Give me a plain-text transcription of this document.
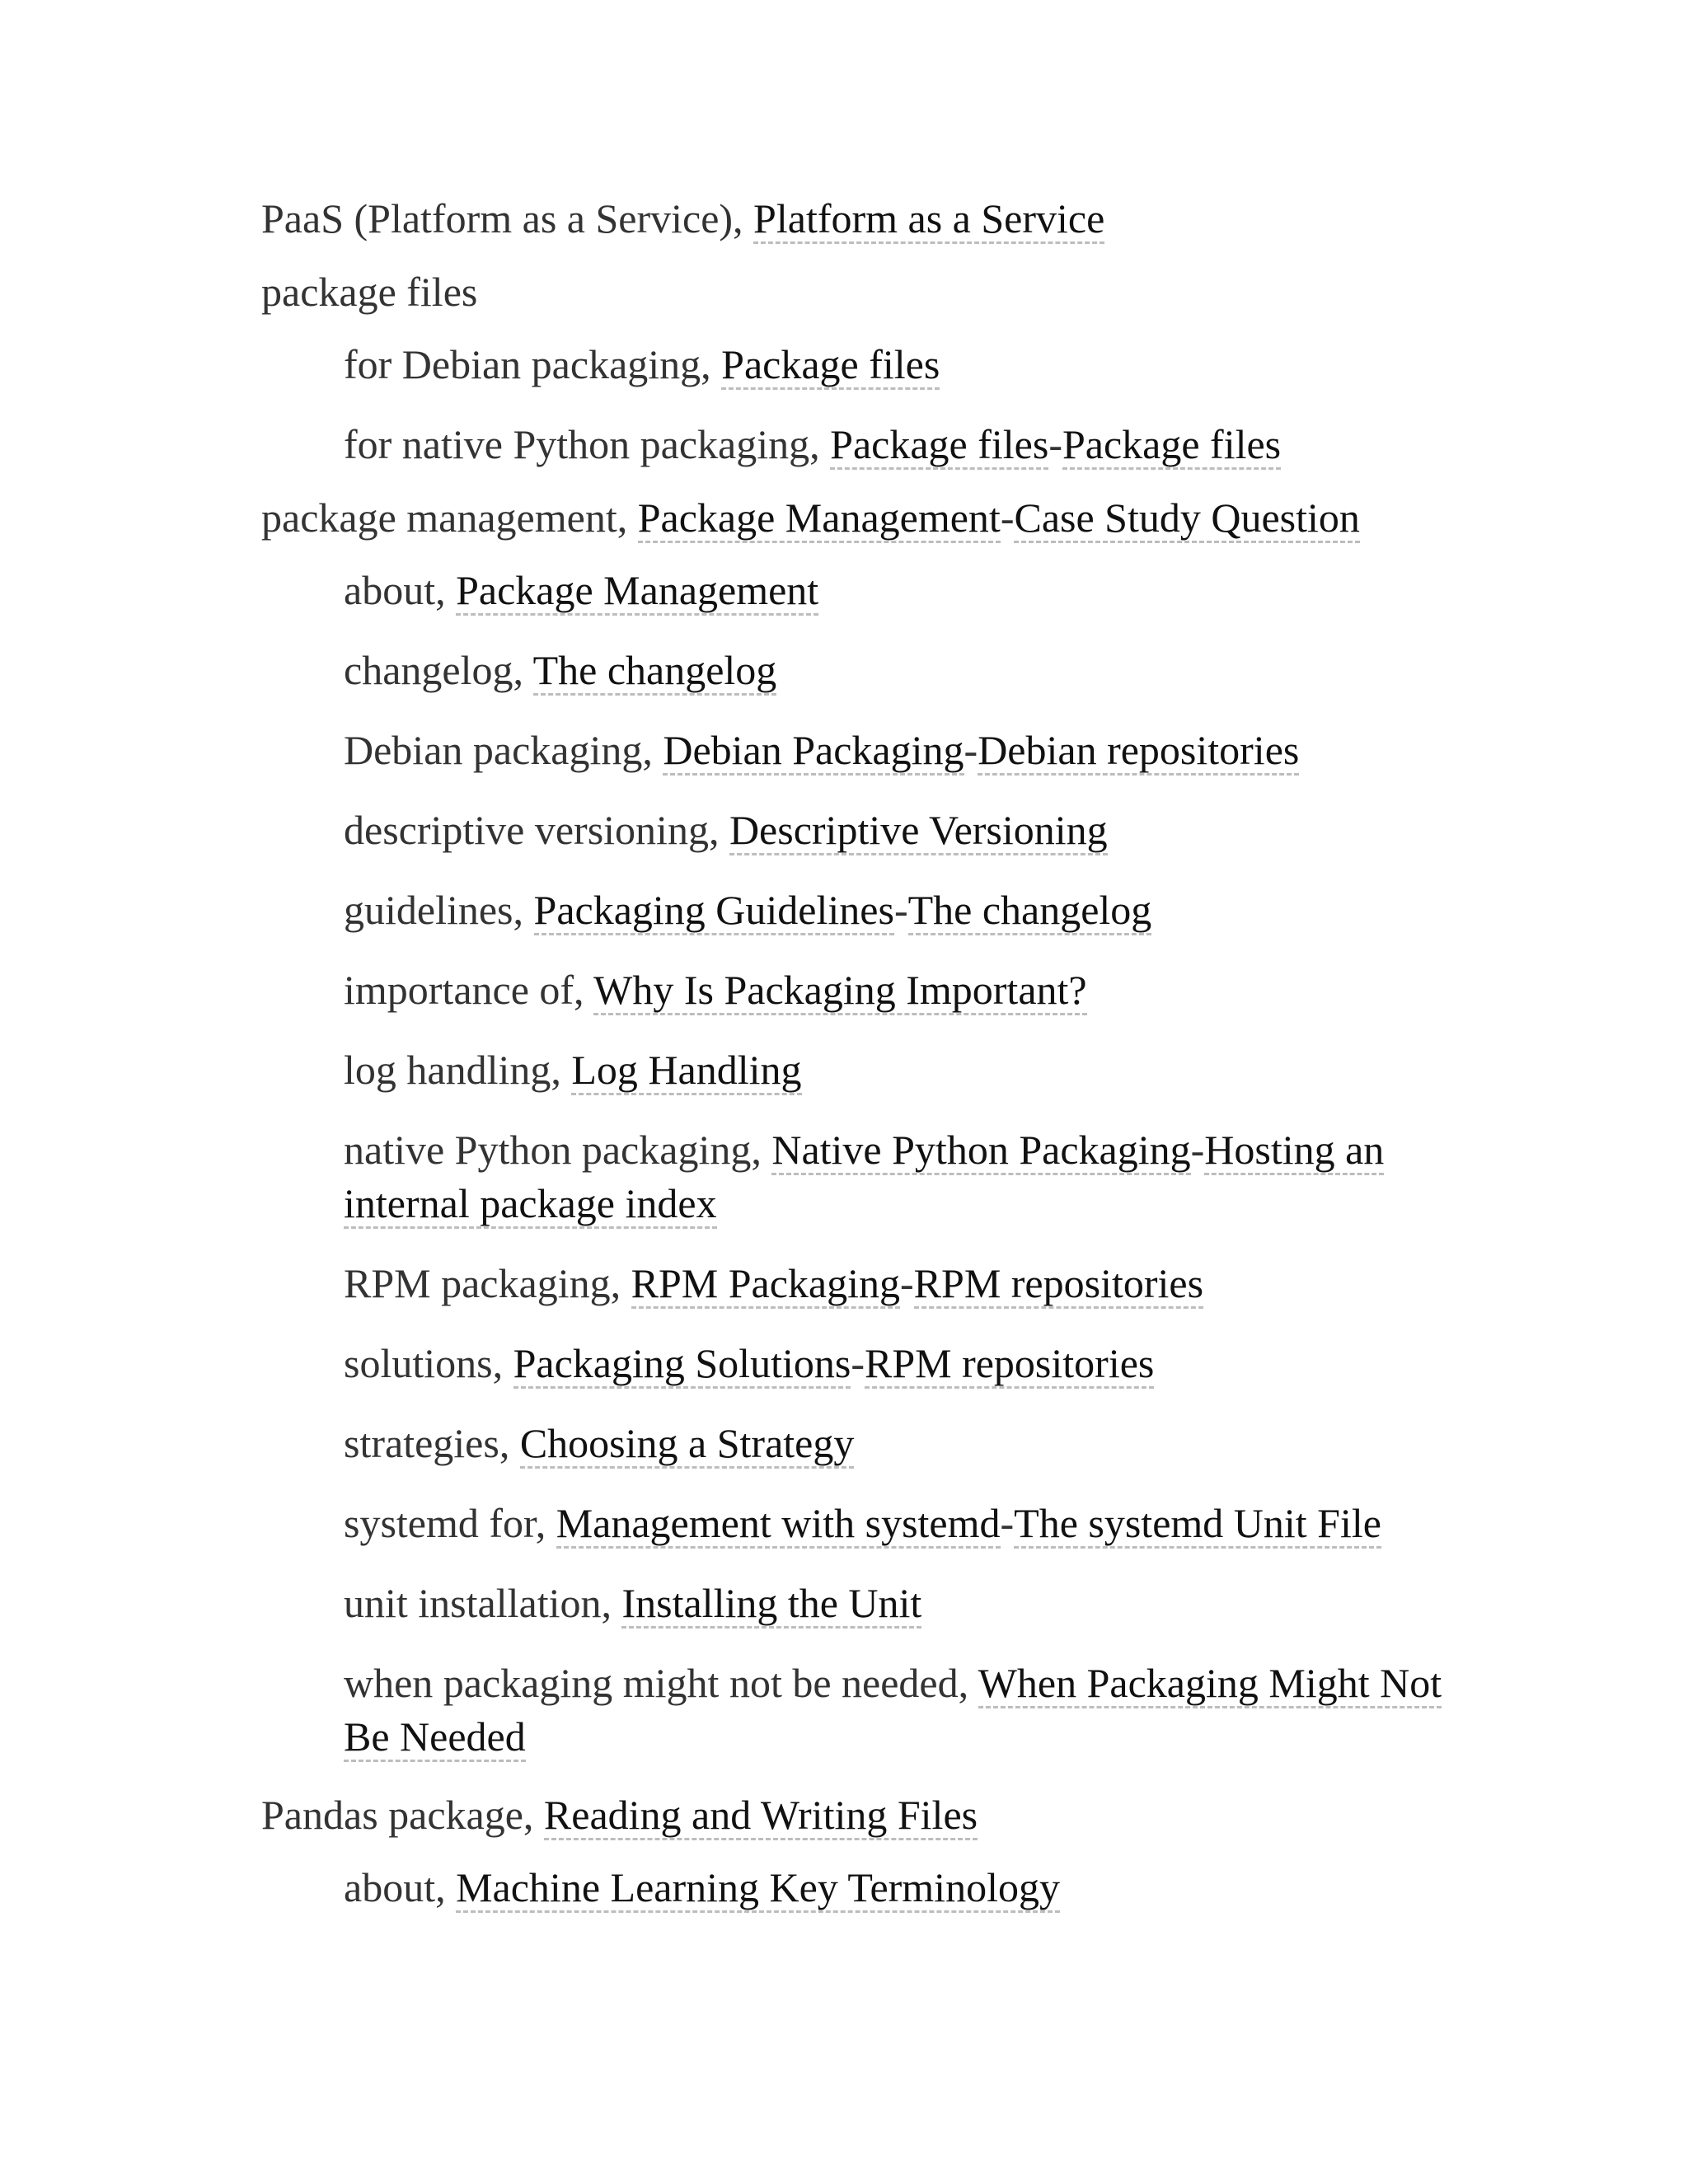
PaaS (Platform as a Service), Platform as a Service

package files

for Debian packaging, Package files

for native Python packaging, Package files-Package files

package management, Package Management-Case Study Question

about, Package Management

changelog, The changelog

Debian packaging, Debian Packaging-Debian repositories

descriptive versioning, Descriptive Versioning

guidelines, Packaging Guidelines-The changelog

importance of, Why Is Packaging Important?

log handling, Log Handling

native Python packaging, Native Python Packaging-Hosting an internal package index

RPM packaging, RPM Packaging-RPM repositories

solutions, Packaging Solutions-RPM repositories

strategies, Choosing a Strategy

systemd for, Management with systemd-The systemd Unit File

unit installation, Installing the Unit

when packaging might not be needed, When Packaging Might Not Be Needed

Pandas package, Reading and Writing Files

about, Machine Learning Key Terminology
